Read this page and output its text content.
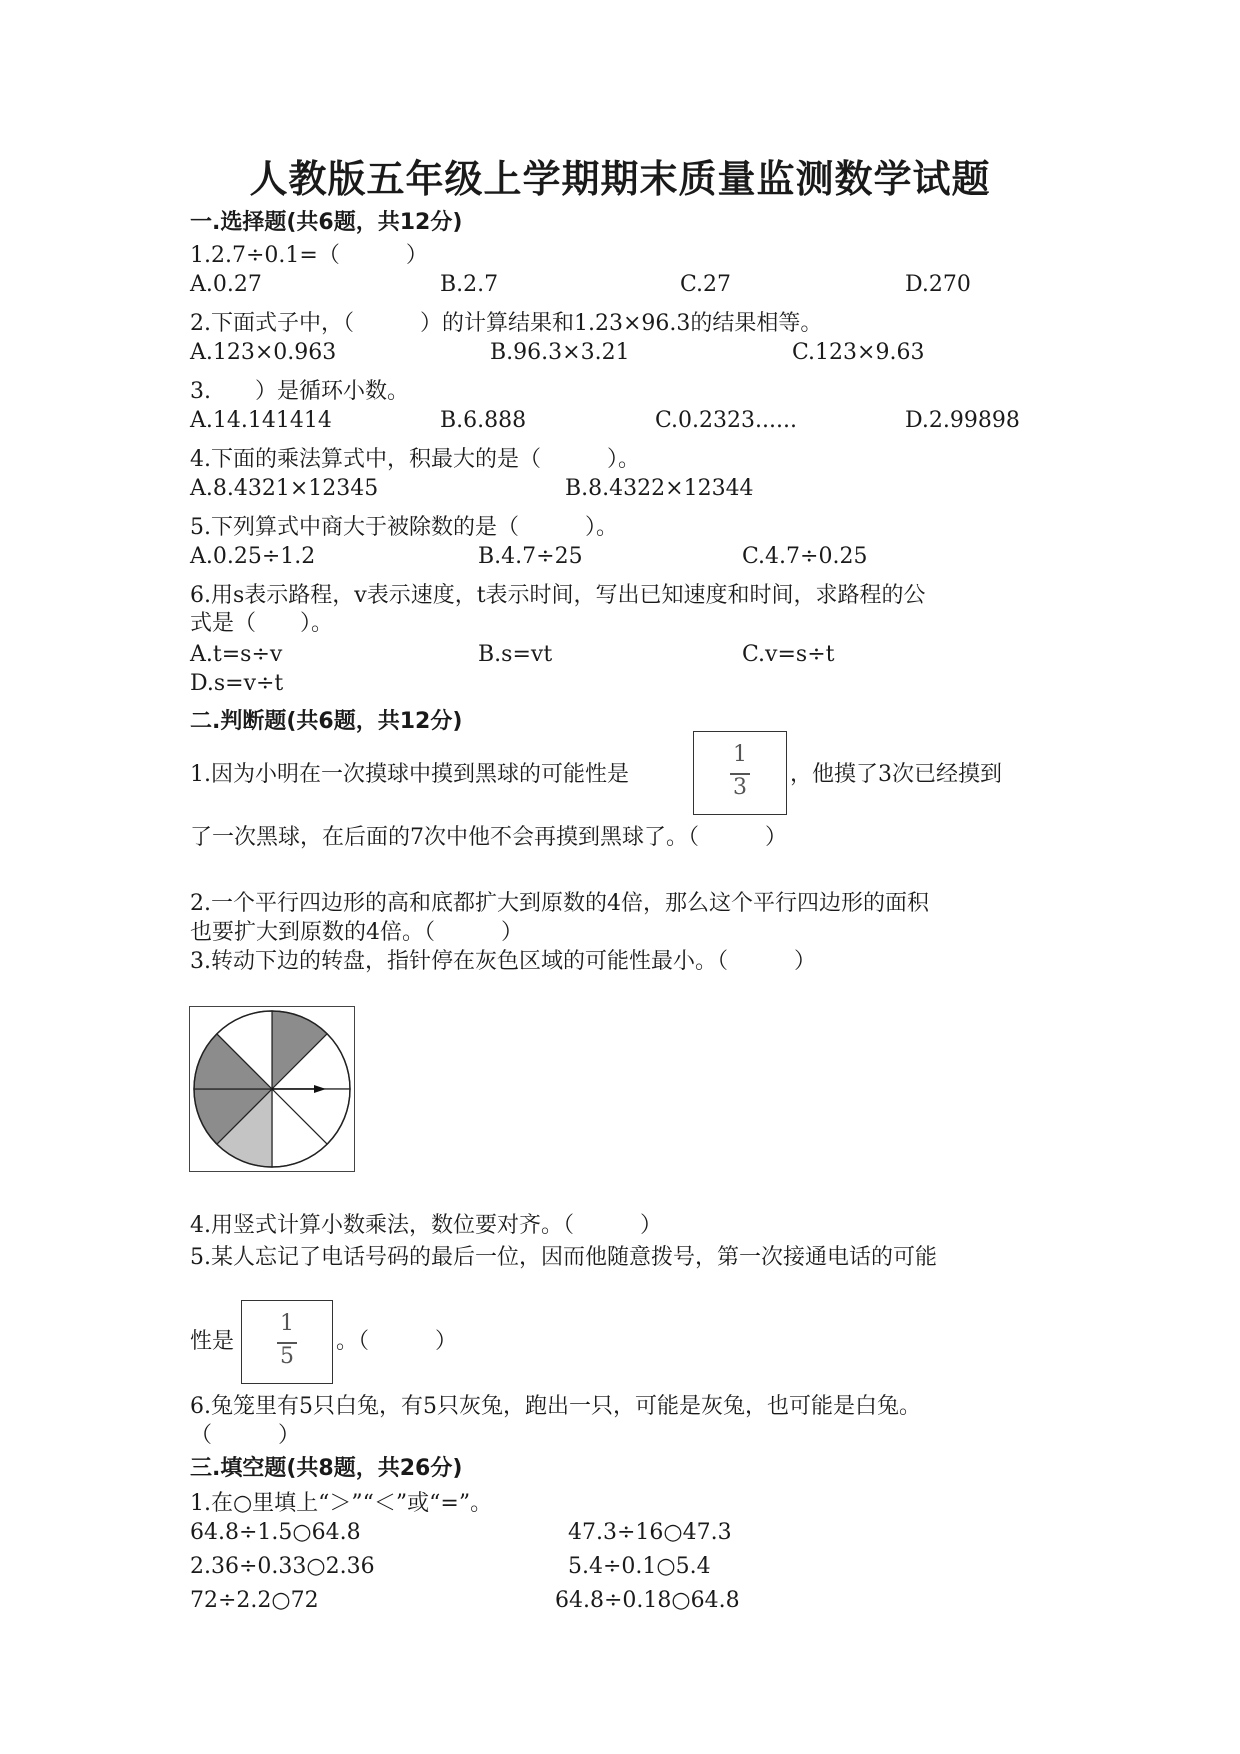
人教版五年级上学期期末质量监测数学试题
一.选择题(共6题，共12分)
1.2.7÷0.1=（　　　）
A.0.27	B.2.7	C.27	D.270
2.下面式子中，（　　　）的计算结果和1.23×96.3的结果相等。
A.123×0.963	B.96.3×3.21	C.123×9.63
3.　　）是循环小数。
A.14.141414	B.6.888	C.0.2323......	D.2.99898
4.下面的乘法算式中，积最大的是（　　　）。
A.8.4321×12345	B.8.4322×12344
5.下列算式中商大于被除数的是（　　　）。
A.0.25÷1.2	B.4.7÷25	C.4.7÷0.25
6.用s表示路程，v表示速度，t表示时间，写出已知速度和时间，求路程的公
式是（　　）。
A.t=s÷v	B.s=vt	C.v=s÷t
D.s=v÷t
二.判断题(共6题，共12分)
1.因为小明在一次摸球中摸到黑球的可能性是
1
3
，他摸了3次已经摸到
了一次黑球，在后面的7次中他不会再摸到黑球了。（　　　）
2.一个平行四边形的高和底都扩大到原数的4倍，那么这个平行四边形的面积
也要扩大到原数的4倍。（　　　）
3.转动下边的转盘，指针停在灰色区域的可能性最小。（　　　）
4.用竖式计算小数乘法，数位要对齐。（　　　）
5.某人忘记了电话号码的最后一位，因而他随意拨号，第一次接通电话的可能
性是
1
5
。（　　　）
6.兔笼里有5只白兔，有5只灰兔，跑出一只，可能是灰兔，也可能是白兔。
（　　　）
三.填空题(共8题，共26分)
1.在○里填上“＞”“＜”或“=”。
64.8÷1.5○64.8	47.3÷16○47.3
2.36÷0.33○2.36	5.4÷0.1○5.4
72÷2.2○72	64.8÷0.18○64.8
